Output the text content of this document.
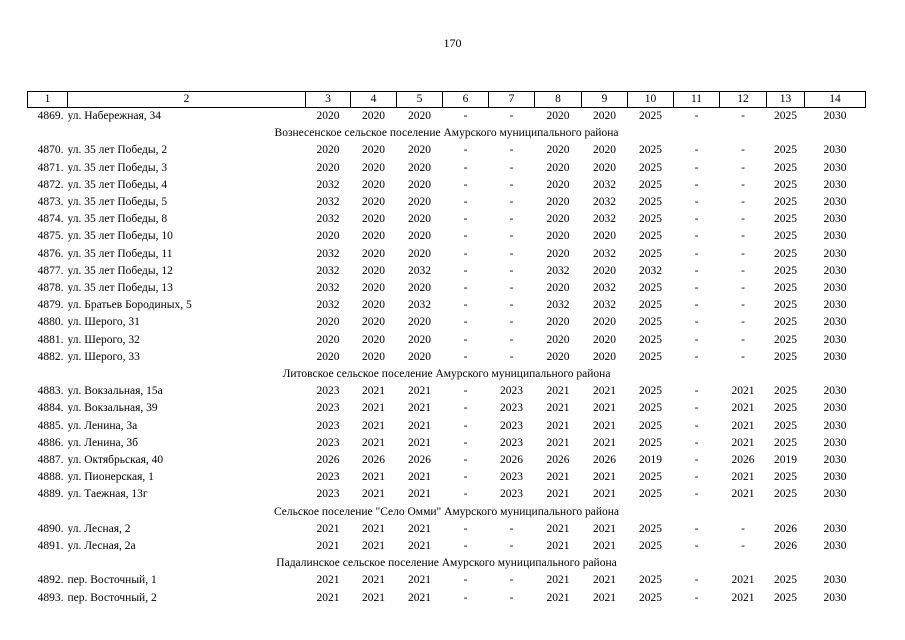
170
1	2	3	4	5	6	7	8	9	10	11	12	13	14
4869.	ул. Набережная, 34	2020	2020	2020	-	-	2020	2020	2025	-	-	2025	2030
Вознесенское сельское поселение Амурского муниципального района													
4870.	ул. 35 лет Победы, 2	2020	2020	2020	-	-	2020	2020	2025	-	-	2025	2030
4871.	ул. 35 лет Победы, 3	2020	2020	2020	-	-	2020	2020	2025	-	-	2025	2030
4872.	ул. 35 лет Победы, 4	2032	2020	2020	-	-	2020	2032	2025	-	-	2025	2030
4873.	ул. 35 лет Победы, 5	2032	2020	2020	-	-	2020	2032	2025	-	-	2025	2030
4874.	ул. 35 лет Победы, 8	2032	2020	2020	-	-	2020	2032	2025	-	-	2025	2030
4875.	ул. 35 лет Победы, 10	2020	2020	2020	-	-	2020	2020	2025	-	-	2025	2030
4876.	ул. 35 лет Победы, 11	2032	2020	2020	-	-	2020	2032	2025	-	-	2025	2030
4877.	ул. 35 лет Победы, 12	2032	2020	2032	-	-	2032	2020	2032	-	-	2025	2030
4878.	ул. 35 лет Победы, 13	2032	2020	2020	-	-	2020	2032	2025	-	-	2025	2030
4879.	ул. Братьев Бородиных, 5	2032	2020	2032	-	-	2032	2032	2025	-	-	2025	2030
4880.	ул. Шерого, 31	2020	2020	2020	-	-	2020	2020	2025	-	-	2025	2030
4881.	ул. Шерого, 32	2020	2020	2020	-	-	2020	2020	2025	-	-	2025	2030
4882.	ул. Шерого, 33	2020	2020	2020	-	-	2020	2020	2025	-	-	2025	2030
Литовское сельское поселение Амурского муниципального района													
4883.	ул. Вокзальная, 15а	2023	2021	2021	-	2023	2021	2021	2025	-	2021	2025	2030
4884.	ул. Вокзальная, 39	2023	2021	2021	-	2023	2021	2021	2025	-	2021	2025	2030
4885.	ул. Ленина, 3а	2023	2021	2021	-	2023	2021	2021	2025	-	2021	2025	2030
4886.	ул. Ленина, 3б	2023	2021	2021	-	2023	2021	2021	2025	-	2021	2025	2030
4887.	ул. Октябрьская, 40	2026	2026	2026	-	2026	2026	2026	2019	-	2026	2019	2030
4888.	ул. Пионерская, 1	2023	2021	2021	-	2023	2021	2021	2025	-	2021	2025	2030
4889.	ул. Таежная, 13г	2023	2021	2021	-	2023	2021	2021	2025	-	2021	2025	2030
Сельское поселение "Село Омми" Амурского муниципального района													
4890.	ул. Лесная, 2	2021	2021	2021	-	-	2021	2021	2025	-	-	2026	2030
4891.	ул. Лесная, 2а	2021	2021	2021	-	-	2021	2021	2025	-	-	2026	2030
Падалинское сельское поселение Амурского муниципального района													
4892.	пер. Восточный, 1	2021	2021	2021	-	-	2021	2021	2025	-	2021	2025	2030
4893.	пер. Восточный, 2	2021	2021	2021	-	-	2021	2021	2025	-	2021	2025	2030
